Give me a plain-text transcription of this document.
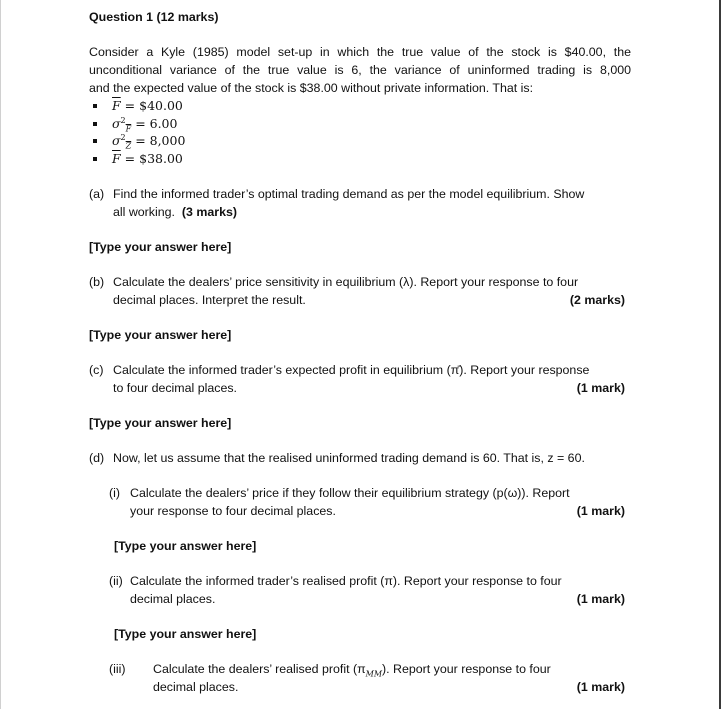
Question 1 (12 marks)
Consider a Kyle (1985) model set-up in which the true value of the stock is $40.00, the
unconditional variance of the true value is 6, the variance of uninformed trading is 8,000
and the expected value of the stock is $38.00 without private information. That is:
$\overline{F}$ = $40.00
$\sigma^2_{\overline{F}} = 6.00$
$\sigma^2_{\overline{Z}} = 8,000$
$\overline{F}$ = $38.00
(a) Find the informed trader’s optimal trading demand as per the model equilibrium. Show
all working. (3 marks)
[Type your answer here]
(b) Calculate the dealers’ price sensitivity in equilibrium (λ). Report your response to four
decimal places. Interpret the result.	(2 marks)
[Type your answer here]
(c) Calculate the informed trader’s expected profit in equilibrium (π̄). Report your response
to four decimal places.	(1 mark)
[Type your answer here]
(d) Now, let us assume that the realised uninformed trading demand is 60. That is, z = 60.
(i) Calculate the dealers’ price if they follow their equilibrium strategy (p(ω)). Report
your response to four decimal places.	(1 mark)
[Type your answer here]
(ii) Calculate the informed trader’s realised profit (π). Report your response to four
decimal places.	(1 mark)
[Type your answer here]
(iii) Calculate the dealers’ realised profit $(\pi_{MM})$. Report your response to four
decimal places.	(1 mark)
